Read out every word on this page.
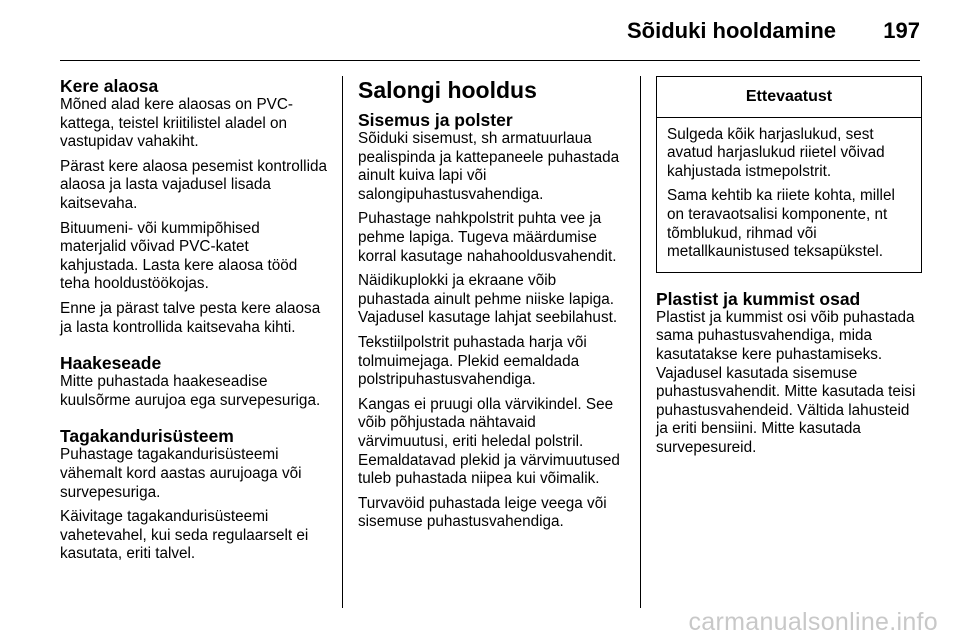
Sõiduki hooldamine 197
Kere alaosa

Mõned alad kere alaosas on PVC-kattega, teistel kriitilistel aladel on vastupidav vahakiht.

Pärast kere alaosa pesemist kontrollida alaosa ja lasta vajadusel lisada kaitsevaha.

Bituumeni- või kummipõhised materjalid võivad PVC-katet kahjustada. Lasta kere alaosa tööd teha hooldustöökojas.

Enne ja pärast talve pesta kere alaosa ja lasta kontrollida kaitsevaha kihti.

Haakeseade

Mitte puhastada haakeseadise kuulsõrme aurujoa ega survepesuriga.

Tagakandurisüsteem

Puhastage tagakandurisüsteemi vähemalt kord aastas aurujoaga või survepesuriga.

Käivitage tagakandurisüsteemi vahetevahel, kui seda regulaarselt ei kasutata, eriti talvel.

Salongi hooldus
Sisemus ja polster

Sõiduki sisemust, sh armatuurlaua pealispinda ja kattepaneele puhastada ainult kuiva lapi või salongipuhastusvahendiga.

Puhastage nahkpolstrit puhta vee ja pehme lapiga. Tugeva määrdumise korral kasutage nahahooldusvahendit.

Näidikuplokki ja ekraane võib puhastada ainult pehme niiske lapiga. Vajadusel kasutage lahjat seebilahust.

Tekstiilpolstrit puhastada harja või tolmuimejaga. Plekid eemaldada polstripuhastusvahendiga.

Kangas ei pruugi olla värvikindel. See võib põhjustada nähtavaid värvimuutusi, eriti heledal polstril. Eemaldatavad plekid ja värvimuutused tuleb puhastada niipea kui võimalik.

Turvavöid puhastada leige veega või sisemuse puhastusvahendiga.

Ettevaatust

Sulgeda kõik harjaslukud, sest avatud harjaslukud riietel võivad kahjustada istmepolstrit.

Sama kehtib ka riiete kohta, millel on teravaotsalisi komponente, nt tõmblukud, rihmad või metallkaunistused teksapükstel.

Plastist ja kummist osad

Plastist ja kummist osi võib puhastada sama puhastusvahendiga, mida kasutatakse kere puhastamiseks. Vajadusel kasutada sisemuse puhastusvahendit. Mitte kasutada teisi puhastusvahendeid. Vältida lahusteid ja eriti bensiini. Mitte kasutada survepesureid.

carmanualsonline.info
